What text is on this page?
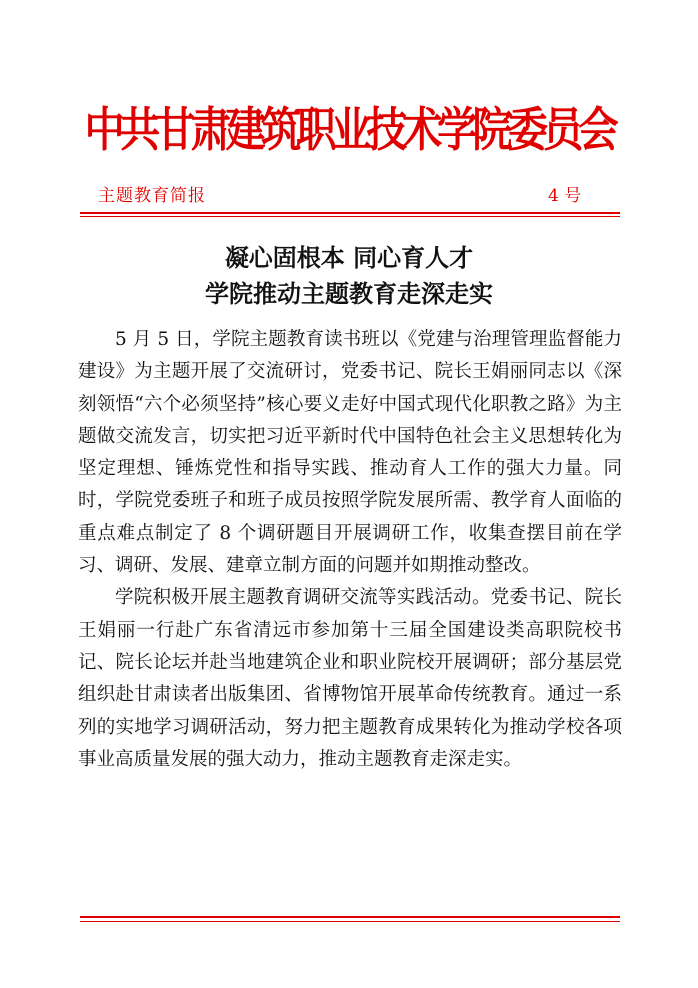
中共甘肃建筑职业技术学院委员会
主题教育简报	4 号
凝心固根本 同心育人才
学院推动主题教育走深走实

5 月 5 日，学院主题教育读书班以《党建与治理管理监督能力建设》为主题开展了交流研讨，党委书记、院长王娟丽同志以《深刻领悟“六个必须坚持”核心要义走好中国式现代化职教之路》为主题做交流发言，切实把习近平新时代中国特色社会主义思想转化为坚定理想、锤炼党性和指导实践、推动育人工作的强大力量。同时，学院党委班子和班子成员按照学院发展所需、教学育人面临的重点难点制定了 8 个调研题目开展调研工作，收集查摆目前在学习、调研、发展、建章立制方面的问题并如期推动整改。

学院积极开展主题教育调研交流等实践活动。党委书记、院长王娟丽一行赴广东省清远市参加第十三届全国建设类高职院校书记、院长论坛并赴当地建筑企业和职业院校开展调研；部分基层党组织赴甘肃读者出版集团、省博物馆开展革命传统教育。通过一系列的实地学习调研活动，努力把主题教育成果转化为推动学校各项事业高质量发展的强大动力，推动主题教育走深走实。
